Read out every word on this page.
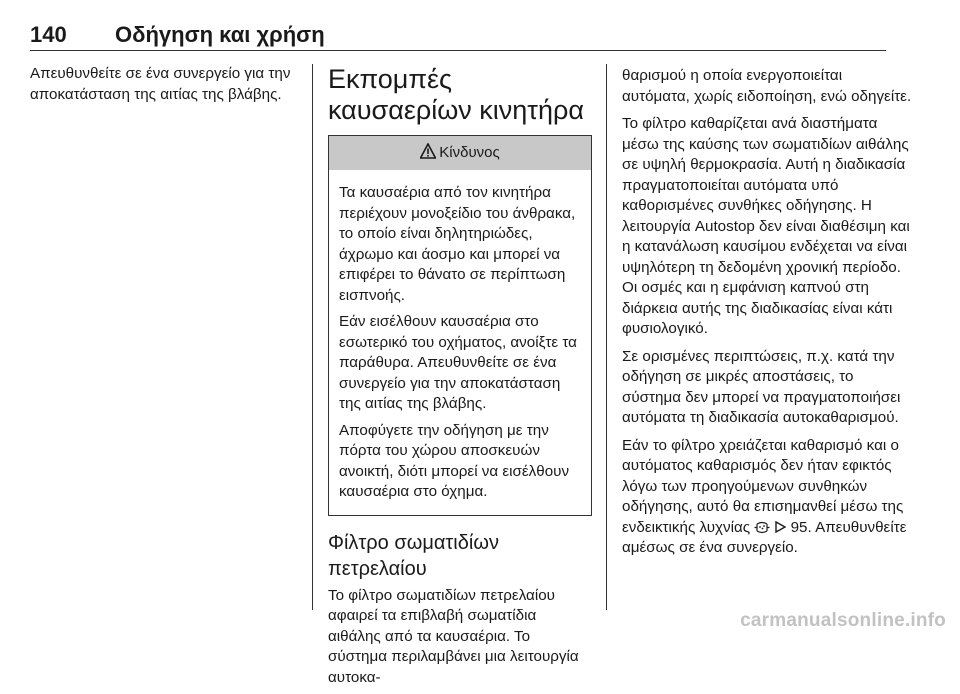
140 Οδήγηση και χρήση

Απευθυνθείτε σε ένα συνεργείο για την αποκατάσταση της αιτίας της βλάβης.	Εκπομπές καυσαερίων κινητήρα
Κίνδυνος

Τα καυσαέρια από τον κινητήρα περιέχουν μονοξείδιο του άνθρακα, το οποίο είναι δηλητηριώδες, άχρωμο και άοσμο και μπορεί να επιφέρει το θάνατο σε περίπτωση εισπνοής.

Εάν εισέλθουν καυσαέρια στο εσωτερικό του οχήματος, ανοίξτε τα παράθυρα. Απευθυνθείτε σε ένα συνεργείο για την αποκατάσταση της αιτίας της βλάβης.

Αποφύγετε την οδήγηση με την πόρτα του χώρου αποσκευών ανοικτή, διότι μπορεί να εισέλθουν καυσαέρια στο όχημα.

Φίλτρο σωματιδίων πετρελαίου

Το φίλτρο σωματιδίων πετρελαίου αφαιρεί τα επιβλαβή σωματίδια αιθάλης από τα καυσαέρια. Το σύστημα περιλαμβάνει μια λειτουργία αυτοκα-

θαρισμού η οποία ενεργοποιείται αυτόματα, χωρίς ειδοποίηση, ενώ οδηγείτε.

Το φίλτρο καθαρίζεται ανά διαστήματα μέσω της καύσης των σωματιδίων αιθάλης σε υψηλή θερμοκρασία. Αυτή η διαδικασία πραγματοποιείται αυτόματα υπό καθορισμένες συνθήκες οδήγησης. Η λειτουργία Autostop δεν είναι διαθέσιμη και η κατανάλωση καυσίμου ενδέχεται να είναι υψηλότερη τη δεδομένη χρονική περίοδο. Οι οσμές και η εμφάνιση καπνού στη διάρκεια αυτής της διαδικασίας είναι κάτι φυσιολογικό.

Σε ορισμένες περιπτώσεις, π.χ. κατά την οδήγηση σε μικρές αποστάσεις, το σύστημα δεν μπορεί να πραγματοποιήσει αυτόματα τη διαδικασία αυτοκαθαρισμού.

Εάν το φίλτρο χρειάζεται καθαρισμό και ο αυτόματος καθαρισμός δεν ήταν εφικτός λόγω των προηγούμενων συνθηκών οδήγησης, αυτό θα επισημανθεί μέσω της ενδεικτικής λυχνίας	95. Απευθυνθείτε αμέσως σε ένα συνεργείο.

carmanualsonline.info
